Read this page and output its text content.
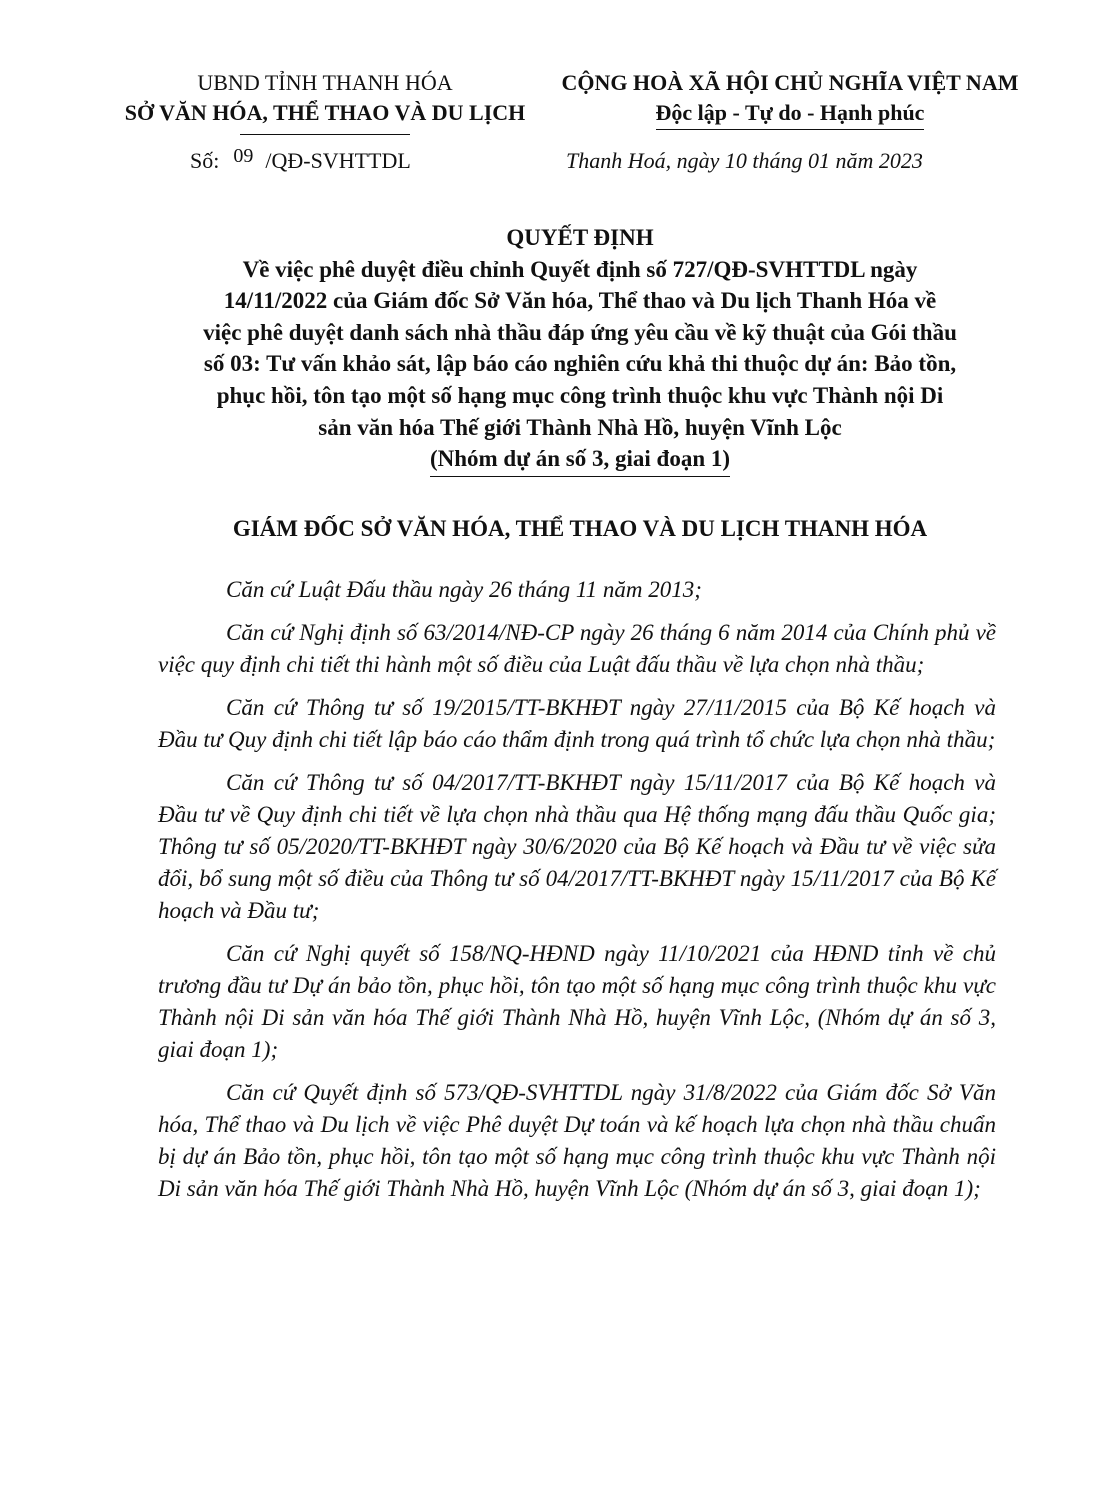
UBND TỈNH THANH HÓA
SỞ VĂN HÓA, THỂ THAO VÀ DU LỊCH
CỘNG HOÀ XÃ HỘI CHỦ NGHĨA VIỆT NAM
Độc lập - Tự do - Hạnh phúc
Số: 09 /QĐ-SVHTTDL	Thanh Hoá, ngày 10 tháng 01 năm 2023
QUYẾT ĐỊNH
Về việc phê duyệt điều chỉnh Quyết định số 727/QĐ-SVHTTDL ngày
14/11/2022 của Giám đốc Sở Văn hóa, Thể thao và Du lịch Thanh Hóa về
việc phê duyệt danh sách nhà thầu đáp ứng yêu cầu về kỹ thuật của Gói thầu
số 03: Tư vấn khảo sát, lập báo cáo nghiên cứu khả thi thuộc dự án: Bảo tồn,
phục hồi, tôn tạo một số hạng mục công trình thuộc khu vực Thành nội Di
sản văn hóa Thế giới Thành Nhà Hồ, huyện Vĩnh Lộc
(Nhóm dự án số 3, giai đoạn 1)
GIÁM ĐỐC SỞ VĂN HÓA, THỂ THAO VÀ DU LỊCH THANH HÓA

Căn cứ Luật Đấu thầu ngày 26 tháng 11 năm 2013;

Căn cứ Nghị định số 63/2014/NĐ-CP ngày 26 tháng 6 năm 2014 của Chính phủ về việc quy định chi tiết thi hành một số điều của Luật đấu thầu về lựa chọn nhà thầu;

Căn cứ Thông tư số 19/2015/TT-BKHĐT ngày 27/11/2015 của Bộ Kế hoạch và Đầu tư Quy định chi tiết lập báo cáo thẩm định trong quá trình tổ chức lựa chọn nhà thầu;

Căn cứ Thông tư số 04/2017/TT-BKHĐT ngày 15/11/2017 của Bộ Kế hoạch và Đầu tư về Quy định chi tiết về lựa chọn nhà thầu qua Hệ thống mạng đấu thầu Quốc gia; Thông tư số 05/2020/TT-BKHĐT ngày 30/6/2020 của Bộ Kế hoạch và Đầu tư về việc sửa đổi, bổ sung một số điều của Thông tư số 04/2017/TT-BKHĐT ngày 15/11/2017 của Bộ Kế hoạch và Đầu tư;

Căn cứ Nghị quyết số 158/NQ-HĐND ngày 11/10/2021 của HĐND tỉnh về chủ trương đầu tư Dự án bảo tồn, phục hồi, tôn tạo một số hạng mục công trình thuộc khu vực Thành nội Di sản văn hóa Thế giới Thành Nhà Hồ, huyện Vĩnh Lộc, (Nhóm dự án số 3, giai đoạn 1);

Căn cứ Quyết định số 573/QĐ-SVHTTDL ngày 31/8/2022 của Giám đốc Sở Văn hóa, Thể thao và Du lịch về việc Phê duyệt Dự toán và kế hoạch lựa chọn nhà thầu chuẩn bị dự án Bảo tồn, phục hồi, tôn tạo một số hạng mục công trình thuộc khu vực Thành nội Di sản văn hóa Thế giới Thành Nhà Hồ, huyện Vĩnh Lộc (Nhóm dự án số 3, giai đoạn 1);
